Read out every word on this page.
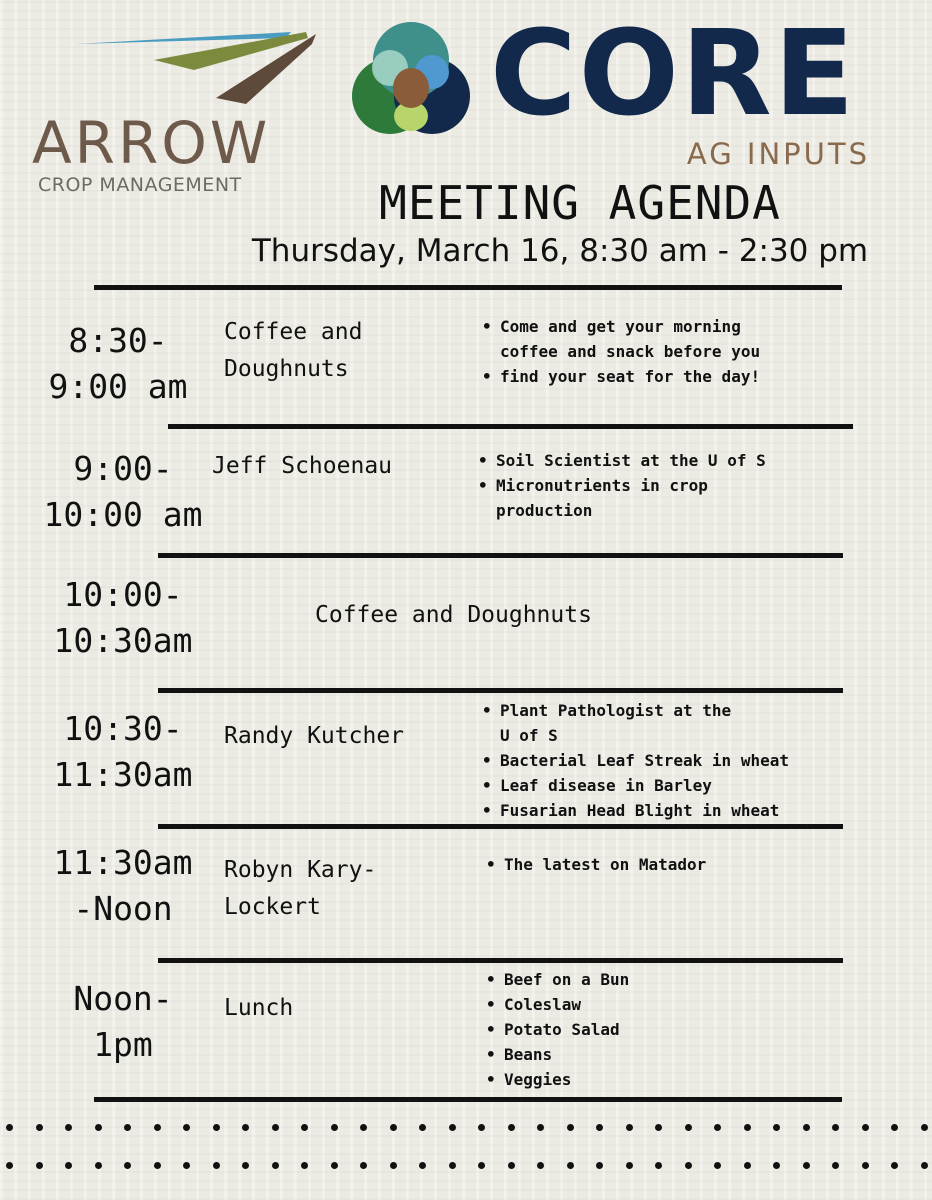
ARROW
CROP MANAGEMENT
CORE
AG INPUTS
MEETING AGENDA
Thursday, March 16, 8:30 am - 2:30 pm
8:30-
9:00 am
Coffee and
Doughnuts
• Come and get your morning
coffee and snack before you
• find your seat for the day!
9:00-
10:00 am
Jeff Schoenau
•	Soil Scientist at the U of S
• Micronutrients in crop
production
10:00-
10:30am
Coffee and Doughnuts
10:30-
11:30am
Randy Kutcher
• Plant Pathologist at the
U of S
• Bacterial Leaf Streak in wheat
• Leaf disease in Barley
• Fusarian Head Blight in wheat
11:30am
-Noon
Robyn Kary-
Lockert
• The latest on Matador
Noon-
1pm
Lunch
• Beef on a Bun
• Coleslaw
• Potato Salad
• Beans
• Veggies
